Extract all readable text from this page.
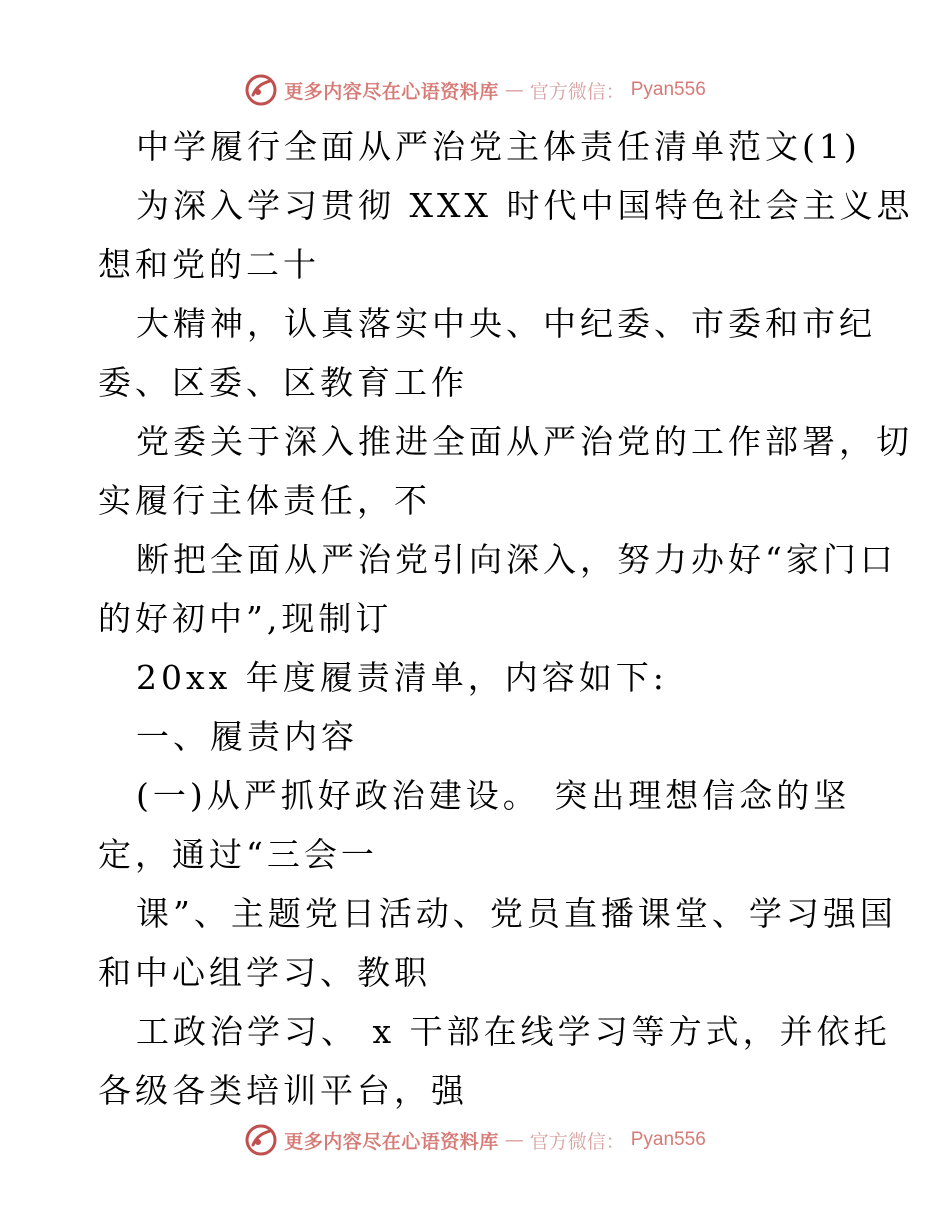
更多内容尽在心语资料库 — 官方微信： Pyan556
中学履行全面从严治党主体责任清单范文(1)
为深入学习贯彻 XXX 时代中国特色社会主义思
想和党的二十
大精神，认真落实中央、中纪委、市委和市纪
委、区委、区教育工作
党委关于深入推进全面从严治党的工作部署，切
实履行主体责任，不
断把全面从严治党引向深入，努力办好“家门口
的好初中”,现制订
20xx 年度履责清单，内容如下:
一、履责内容
(一)从严抓好政治建设。 突出理想信念的坚
定，通过“三会一
课”、主题党日活动、党员直播课堂、学习强国
和中心组学习、教职
工政治学习、 x 干部在线学习等方式，并依托
各级各类培训平台，强
更多内容尽在心语资料库 — 官方微信： Pyan556
